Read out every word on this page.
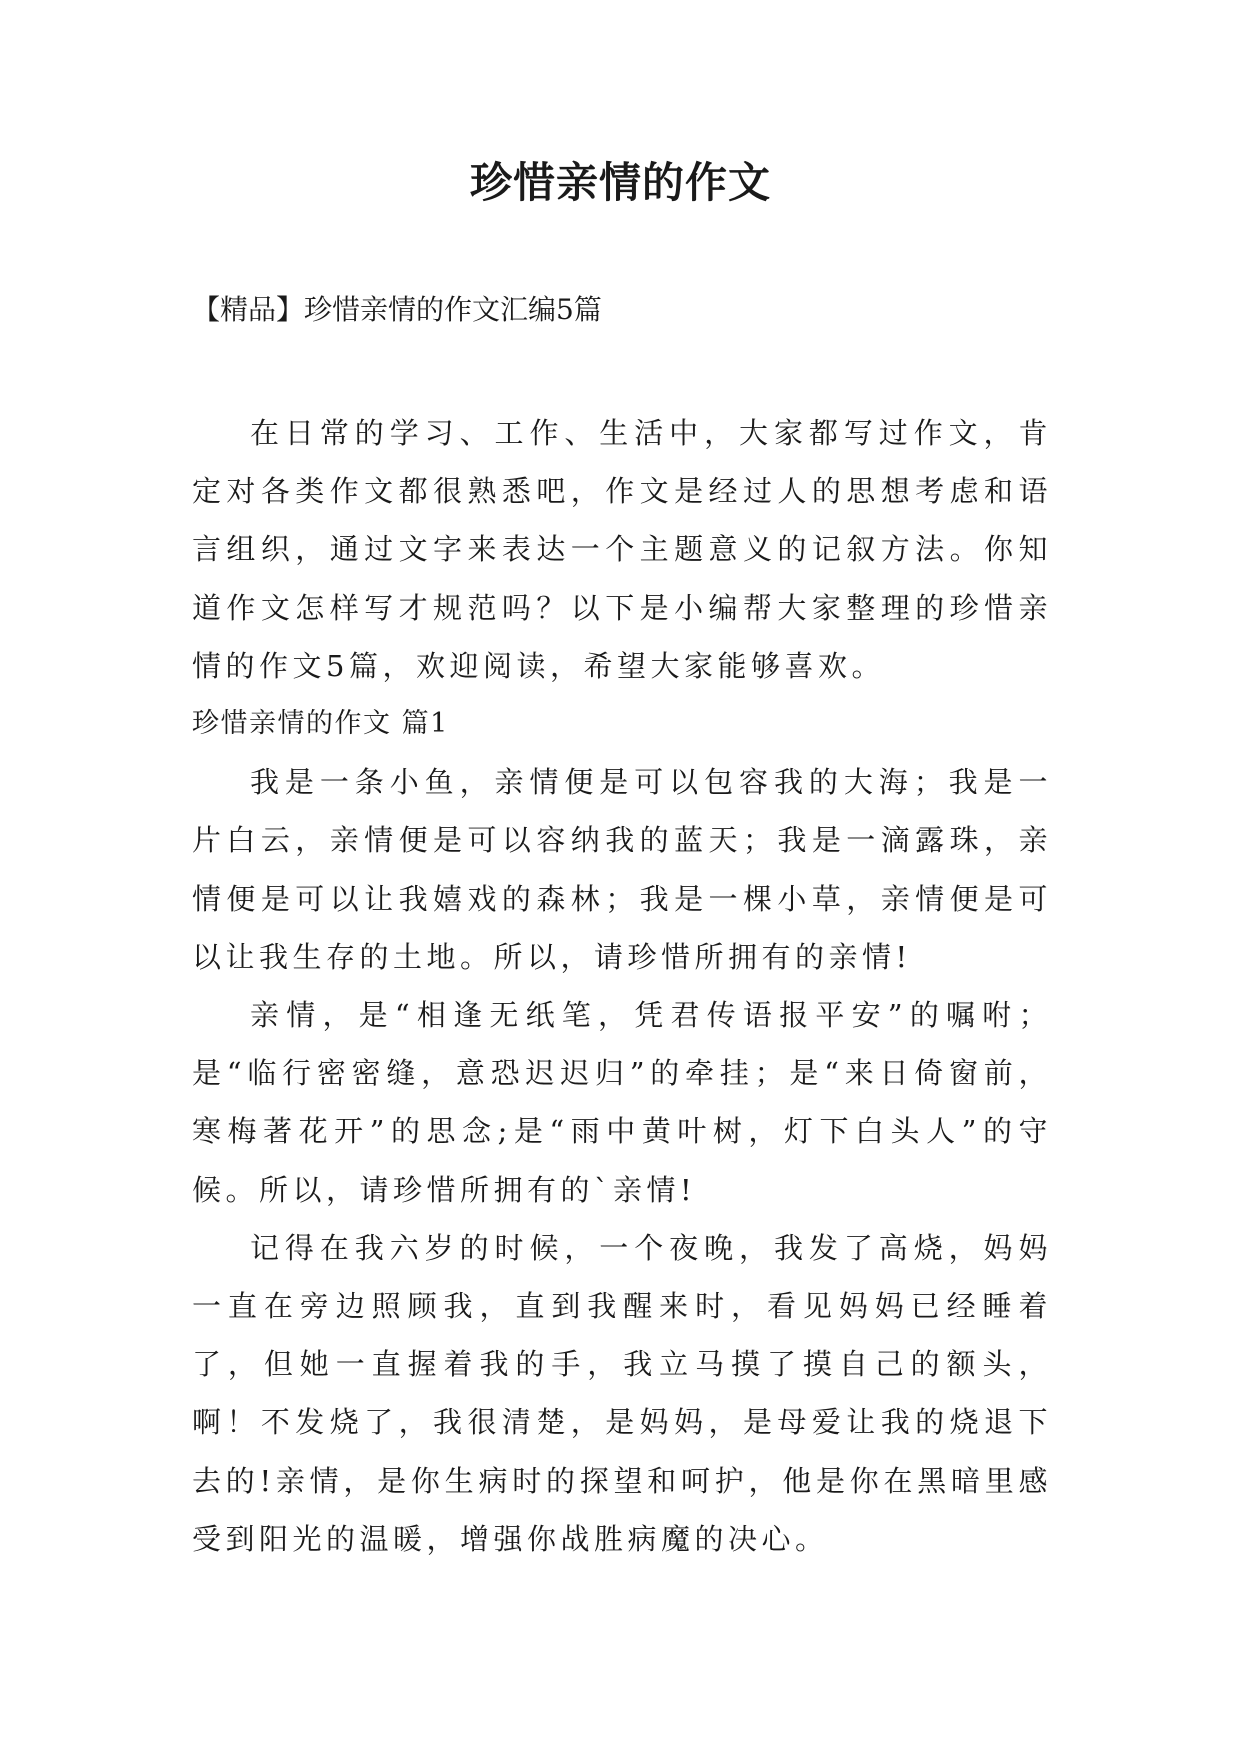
珍惜亲情的作文

【精品】珍惜亲情的作文汇编5篇

在日常的学习、工作、生活中，大家都写过作文，肯定对各类作文都很熟悉吧，作文是经过人的思想考虑和语言组织，通过文字来表达一个主题意义的记叙方法。你知道作文怎样写才规范吗？以下是小编帮大家整理的珍惜亲情的作文5篇，欢迎阅读，希望大家能够喜欢。

珍惜亲情的作文 篇1

我是一条小鱼，亲情便是可以包容我的大海；我是一片白云，亲情便是可以容纳我的蓝天；我是一滴露珠，亲情便是可以让我嬉戏的森林；我是一棵小草，亲情便是可以让我生存的土地。所以，请珍惜所拥有的亲情!

亲情，是“相逢无纸笔，凭君传语报平安”的嘱咐；是“临行密密缝，意恐迟迟归”的牵挂；是“来日倚窗前，寒梅著花开”的思念;是“雨中黄叶树，灯下白头人”的守候。所以，请珍惜所拥有的`亲情!

记得在我六岁的时候，一个夜晚，我发了高烧，妈妈一直在旁边照顾我，直到我醒来时，看见妈妈已经睡着了，但她一直握着我的手，我立马摸了摸自己的额头，啊！不发烧了，我很清楚，是妈妈，是母爱让我的烧退下去的!亲情，是你生病时的探望和呵护，他是你在黑暗里感受到阳光的温暖，增强你战胜病魔的决心。
